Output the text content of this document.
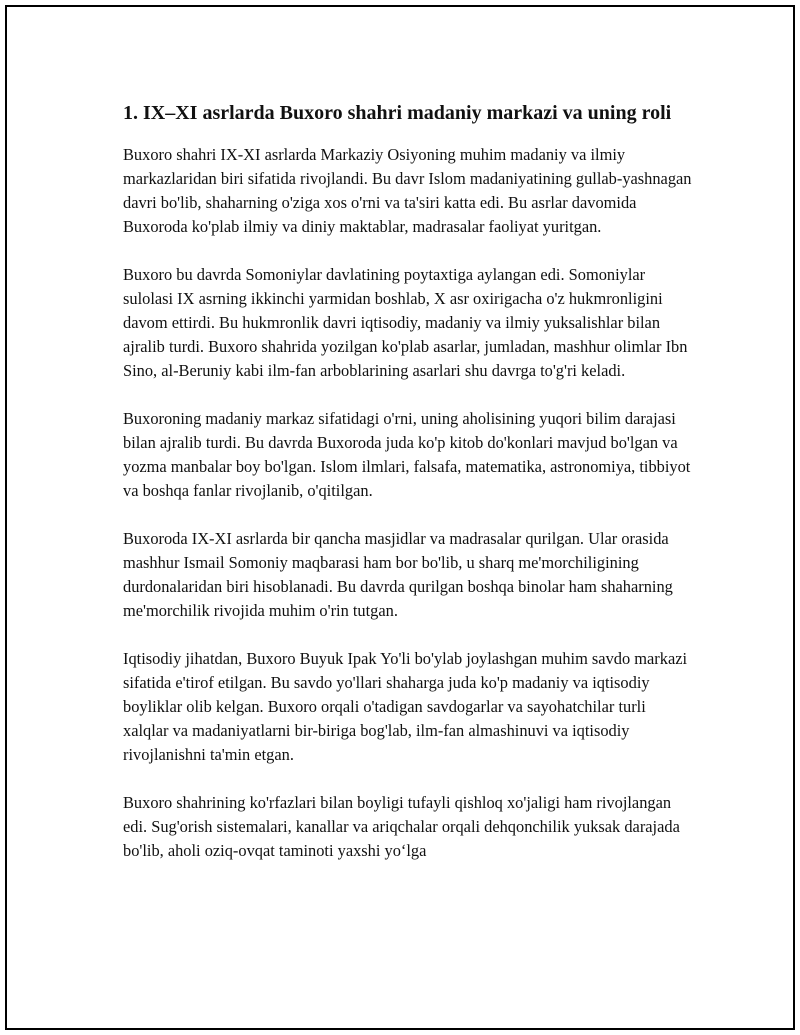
1. IX–XI asrlarda Buxoro shahri madaniy markazi va uning roli

Buxoro shahri IX-XI asrlarda Markaziy Osiyoning muhim madaniy va ilmiy markazlaridan biri sifatida rivojlandi. Bu davr Islom madaniyatining gullab-yashnagan davri bo'lib, shaharning o'ziga xos o'rni va ta'siri katta edi. Bu asrlar davomida Buxoroda ko'plab ilmiy va diniy maktablar, madrasalar faoliyat yuritgan.

Buxoro bu davrda Somoniylar davlatining poytaxtiga aylangan edi. Somoniylar sulolasi IX asrning ikkinchi yarmidan boshlab, X asr oxirigacha o'z hukmronligini davom ettirdi. Bu hukmronlik davri iqtisodiy, madaniy va ilmiy yuksalishlar bilan ajralib turdi. Buxoro shahrida yozilgan ko'plab asarlar, jumladan, mashhur olimlar Ibn Sino, al-Beruniy kabi ilm-fan arboblarining asarlari shu davrga to'g'ri keladi.

Buxoroning madaniy markaz sifatidagi o'rni, uning aholisining yuqori bilim darajasi bilan ajralib turdi. Bu davrda Buxoroda juda ko'p kitob do'konlari mavjud bo'lgan va yozma manbalar boy bo'lgan. Islom ilmlari, falsafa, matematika, astronomiya, tibbiyot va boshqa fanlar rivojlanib, o'qitilgan.

Buxoroda IX-XI asrlarda bir qancha masjidlar va madrasalar qurilgan. Ular orasida mashhur Ismail Somoniy maqbarasi ham bor bo'lib, u sharq me'morchiligining durdonalaridan biri hisoblanadi. Bu davrda qurilgan boshqa binolar ham shaharning me'morchilik rivojida muhim o'rin tutgan.

Iqtisodiy jihatdan, Buxoro Buyuk Ipak Yo'li bo'ylab joylashgan muhim savdo markazi sifatida e'tirof etilgan. Bu savdo yo'llari shaharga juda ko'p madaniy va iqtisodiy boyliklar olib kelgan. Buxoro orqali o'tadigan savdogarlar va sayohatchilar turli xalqlar va madaniyatlarni bir-biriga bog'lab, ilm-fan almashinuvi va iqtisodiy rivojlanishni ta'min etgan.

Buxoro shahrining ko'rfazlari bilan boyligi tufayli qishloq xo'jaligi ham rivojlangan edi. Sug'orish sistemalari, kanallar va ariqchalar orqali dehqonchilik yuksak darajada bo'lib, aholi oziq-ovqat taminoti yaxshi yo‘lga
